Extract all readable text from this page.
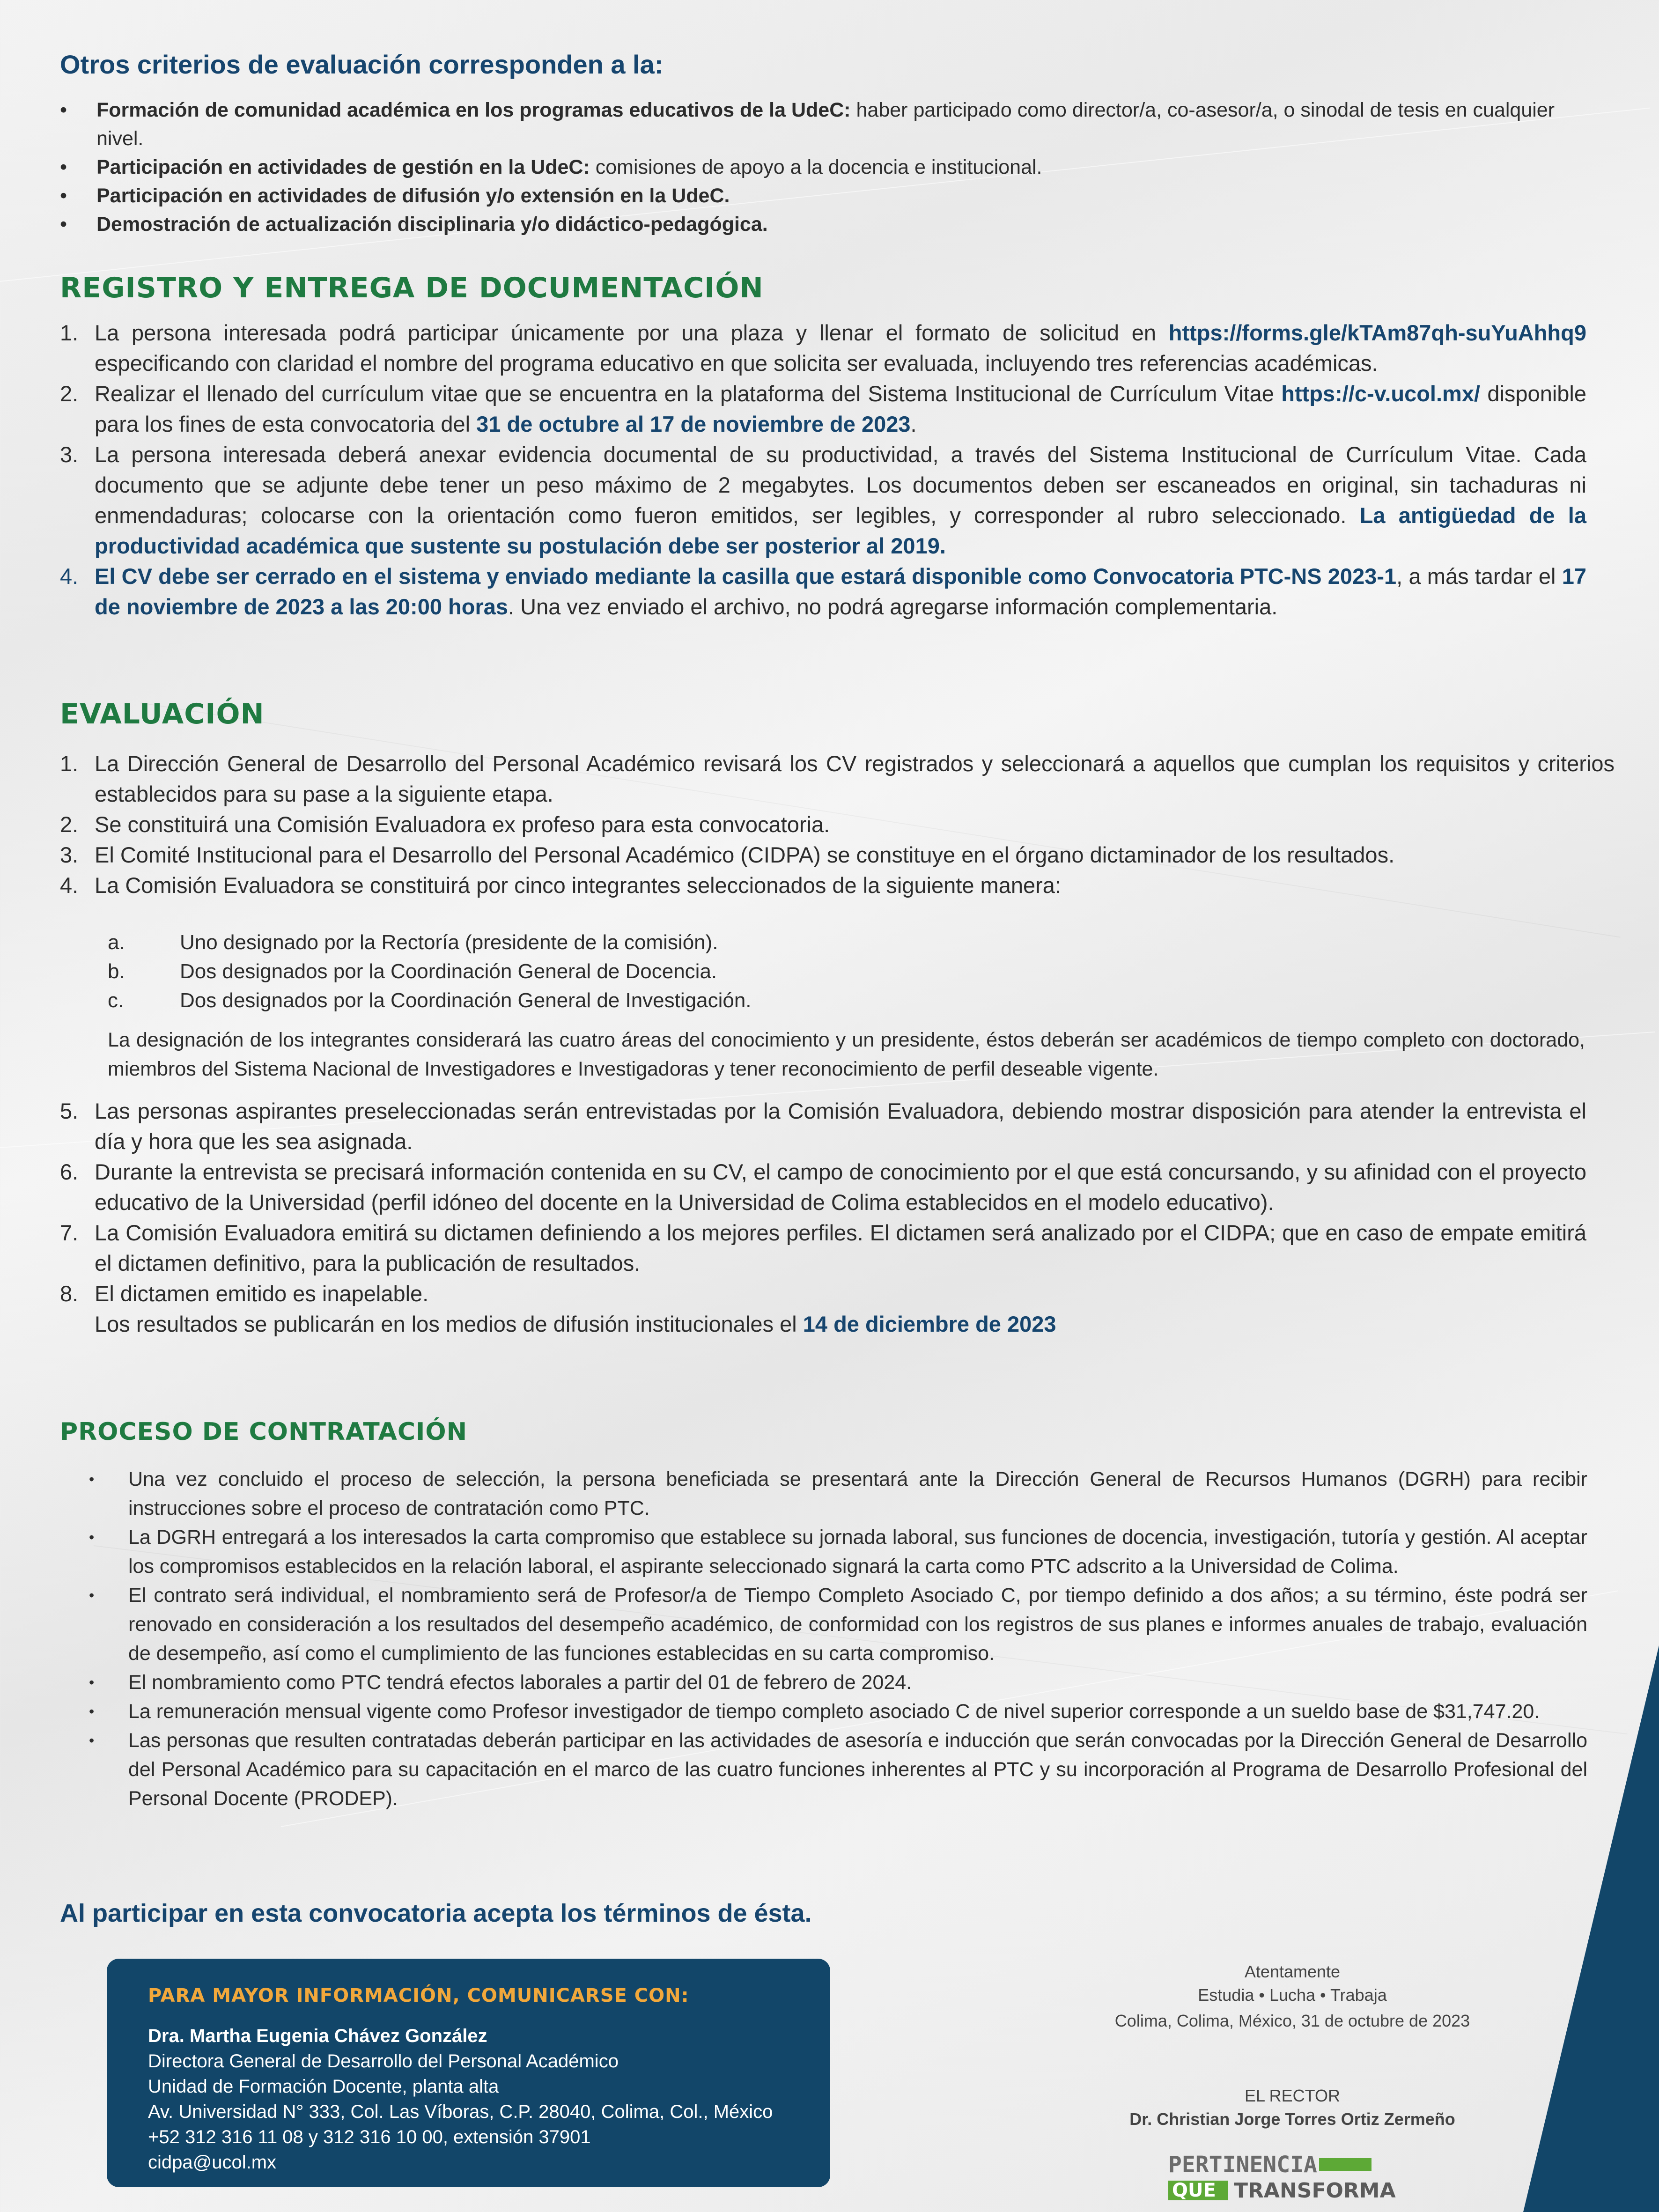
Otros criterios de evaluación corresponden a la:
• Formación de comunidad académica en los programas educativos de la UdeC: haber participado como director/a, co-asesor/a, o sinodal de tesis en cualquier nivel.
• Participación en actividades de gestión en la UdeC: comisiones de apoyo a la docencia e institucional.
• Participación en actividades de difusión y/o extensión en la UdeC.
• Demostración de actualización disciplinaria y/o didáctico-pedagógica.
REGISTRO Y ENTREGA DE DOCUMENTACIÓN
1. La persona interesada podrá participar únicamente por una plaza y llenar el formato de solicitud en https://forms.gle/kTAm87qh-suYuAhhq9 especificando con claridad el nombre del programa educativo en que solicita ser evaluada, incluyendo tres referencias académicas.
2. Realizar el llenado del currículum vitae que se encuentra en la plataforma del Sistema Institucional de Currículum Vitae https://c-v.ucol.mx/ disponible para los fines de esta convocatoria del 31 de octubre al 17 de noviembre de 2023.
3. La persona interesada deberá anexar evidencia documental de su productividad, a través del Sistema Institucional de Currículum Vitae. Cada documento que se adjunte debe tener un peso máximo de 2 megabytes. Los documentos deben ser escaneados en original, sin tachaduras ni enmendaduras; colocarse con la orientación como fueron emitidos, ser legibles, y corresponder al rubro seleccionado. La antigüedad de la productividad académica que sustente su postulación debe ser posterior al 2019.
4. El CV debe ser cerrado en el sistema y enviado mediante la casilla que estará disponible como Convocatoria PTC-NS 2023-1, a más tardar el 17 de noviembre de 2023 a las 20:00 horas. Una vez enviado el archivo, no podrá agregarse información complementaria.
EVALUACIÓN
1. La Dirección General de Desarrollo del Personal Académico revisará los CV registrados y seleccionará a aquellos que cumplan los requisitos y criterios establecidos para su pase a la siguiente etapa.
2. Se constituirá una Comisión Evaluadora ex profeso para esta convocatoria.
3. El Comité Institucional para el Desarrollo del Personal Académico (CIDPA) se constituye en el órgano dictaminador de los resultados.
4. La Comisión Evaluadora se constituirá por cinco integrantes seleccionados de la siguiente manera:
a.	Uno designado por la Rectoría (presidente de la comisión).
b.	Dos designados por la Coordinación General de Docencia.
c.	Dos designados por la Coordinación General de Investigación.
La designación de los integrantes considerará las cuatro áreas del conocimiento y un presidente, éstos deberán ser académicos de tiempo completo con doctorado, miembros del Sistema Nacional de Investigadores e Investigadoras y tener reconocimiento de perfil deseable vigente.
5. Las personas aspirantes preseleccionadas serán entrevistadas por la Comisión Evaluadora, debiendo mostrar disposición para atender la entrevista el día y hora que les sea asignada.
6. Durante la entrevista se precisará información contenida en su CV, el campo de conocimiento por el que está concursando, y su afinidad con el proyecto educativo de la Universidad (perfil idóneo del docente en la Universidad de Colima establecidos en el modelo educativo).
7. La Comisión Evaluadora emitirá su dictamen definiendo a los mejores perfiles. El dictamen será analizado por el CIDPA; que en caso de empate emitirá el dictamen definitivo, para la publicación de resultados.
8. El dictamen emitido es inapelable.
Los resultados se publicarán en los medios de difusión institucionales el 14 de diciembre de 2023
PROCESO DE CONTRATACIÓN
• Una vez concluido el proceso de selección, la persona beneficiada se presentará ante la Dirección General de Recursos Humanos (DGRH) para recibir instrucciones sobre el proceso de contratación como PTC.
• La DGRH entregará a los interesados la carta compromiso que establece su jornada laboral, sus funciones de docencia, investigación, tutoría y gestión. Al aceptar los compromisos establecidos en la relación laboral, el aspirante seleccionado signará la carta como PTC adscrito a la Universidad de Colima.
• El contrato será individual, el nombramiento será de Profesor/a de Tiempo Completo Asociado C, por tiempo definido a dos años; a su término, éste podrá ser renovado en consideración a los resultados del desempeño académico, de conformidad con los registros de sus planes e informes anuales de trabajo, evaluación de desempeño, así como el cumplimiento de las funciones establecidas en su carta compromiso.
• El nombramiento como PTC tendrá efectos laborales a partir del 01 de febrero de 2024.
• La remuneración mensual vigente como Profesor investigador de tiempo completo asociado C de nivel superior corresponde a un sueldo base de $31,747.20.
• Las personas que resulten contratadas deberán participar en las actividades de asesoría e inducción que serán convocadas por la Dirección General de Desarrollo del Personal Académico para su capacitación en el marco de las cuatro funciones inherentes al PTC y su incorporación al Programa de Desarrollo Profesional del Personal Docente (PRODEP).

Al participar en esta convocatoria acepta los términos de ésta.

PARA MAYOR INFORMACIÓN, COMUNICARSE CON:
Dra. Martha Eugenia Chávez González
Directora General de Desarrollo del Personal Académico
Unidad de Formación Docente, planta alta
Av. Universidad N° 333, Col. Las Víboras, C.P. 28040, Colima, Col., México
+52 312 316 11 08 y 312 316 10 00, extensión 37901
cidpa@ucol.mx
Atentamente
Estudia • Lucha • Trabaja
Colima, Colima, México, 31 de octubre de 2023
EL RECTOR
Dr. Christian Jorge Torres Ortiz Zermeño
PERTINENCIA
QUE TRANSFORMA
